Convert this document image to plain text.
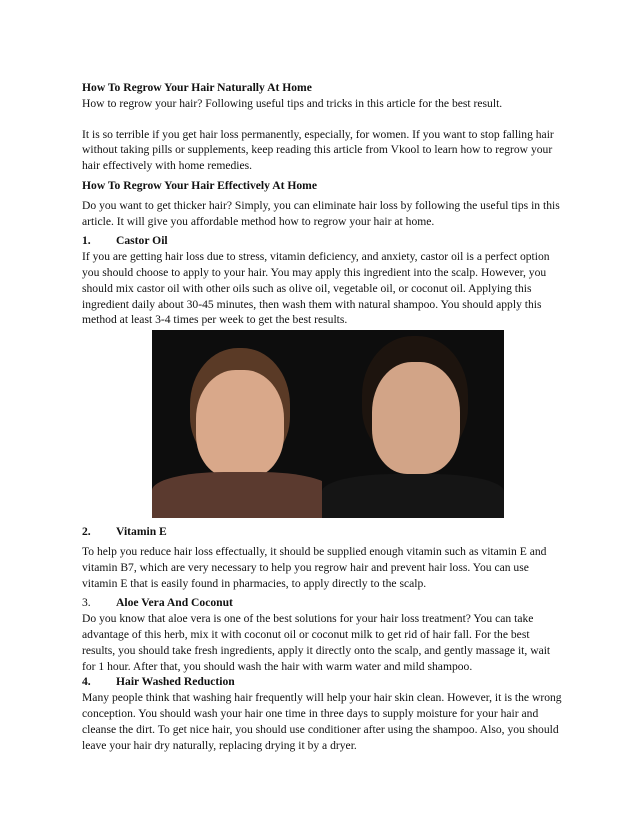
How To Regrow Your Hair Naturally At Home

How to regrow your hair? Following useful tips and tricks in this article for the best result.

It is so terrible if you get hair loss permanently, especially, for women. If you want to stop falling hair without taking pills or supplements, keep reading this article from Vkool to learn how to regrow your hair effectively with home remedies.

How To Regrow Your Hair Effectively At Home

Do you want to get thicker hair? Simply, you can eliminate hair loss by following the useful tips in this article. It will give you affordable method how to regrow your hair at home.

1. Castor Oil

If you are getting hair loss due to stress, vitamin deficiency, and anxiety, castor oil is a perfect option you should choose to apply to your hair. You may apply this ingredient into the scalp. However, you should mix castor oil with other oils such as olive oil, vegetable oil, or coconut oil. Applying this ingredient daily about 30-45 minutes, then wash them with natural shampoo. You should apply this method at least 3-4 times per week to get the best results.

2. Vitamin E

To help you reduce hair loss effectually, it should be supplied enough vitamin such as vitamin E and vitamin B7, which are very necessary to help you regrow hair and prevent hair loss. You can use vitamin E that is easily found in pharmacies, to apply directly to the scalp.

3. Aloe Vera And Coconut

Do you know that aloe vera is one of the best solutions for your hair loss treatment? You can take advantage of this herb, mix it with coconut oil or coconut milk to get rid of hair fall. For the best results, you should take fresh ingredients, apply it directly onto the scalp, and gently massage it, wait for 1 hour. After that, you should wash the hair with warm water and mild shampoo.

4. Hair Washed Reduction

Many people think that washing hair frequently will help your hair skin clean. However, it is the wrong conception. You should wash your hair one time in three days to supply moisture for your hair and cleanse the dirt. To get nice hair, you should use conditioner after using the shampoo. Also, you should leave your hair dry naturally, replacing drying it by a dryer.
